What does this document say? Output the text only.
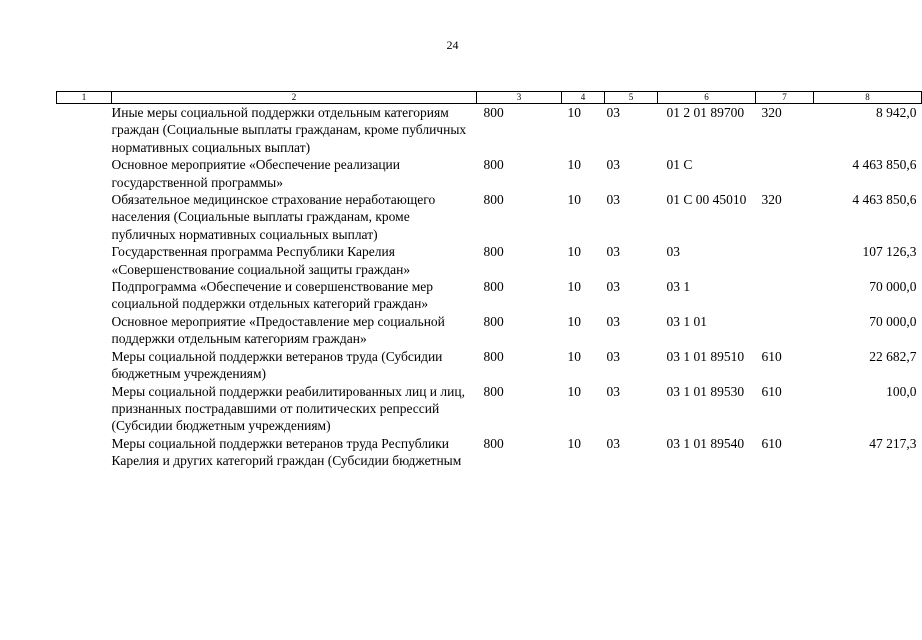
24
1	2	3	4	5	6	7	8
	Иные меры социальной поддержки отдельным категориям граждан (Социальные выплаты гражданам, кроме публичных нормативных социальных выплат)	800	10	03	01 2 01 89700	320	8 942,0
	Основное мероприятие «Обеспечение реализации государственной программы»	800	10	03	01 С		4 463 850,6
	Обязательное медицинское страхование неработающего населения (Социальные выплаты гражданам, кроме публичных нормативных социальных выплат)	800	10	03	01 С 00 45010	320	4 463 850,6
	Государственная программа Республики Карелия «Совершенствование социальной защиты граждан»	800	10	03	03		107 126,3
	Подпрограмма «Обеспечение и совершенствование мер социальной поддержки отдельных категорий граждан»	800	10	03	03 1		70 000,0
	Основное мероприятие «Предоставление мер социальной поддержки отдельным категориям граждан»	800	10	03	03 1 01		70 000,0
	Меры социальной поддержки ветеранов труда (Субсидии бюджетным учреждениям)	800	10	03	03 1 01 89510	610	22 682,7
	Меры социальной поддержки реабилитированных лиц и лиц, признанных пострадавшими от политических репрессий (Субсидии бюджетным учреждениям)	800	10	03	03 1 01 89530	610	100,0
	Меры социальной поддержки ветеранов труда Республики Карелия и других категорий граждан (Субсидии бюджетным	800	10	03	03 1 01 89540	610	47 217,3
